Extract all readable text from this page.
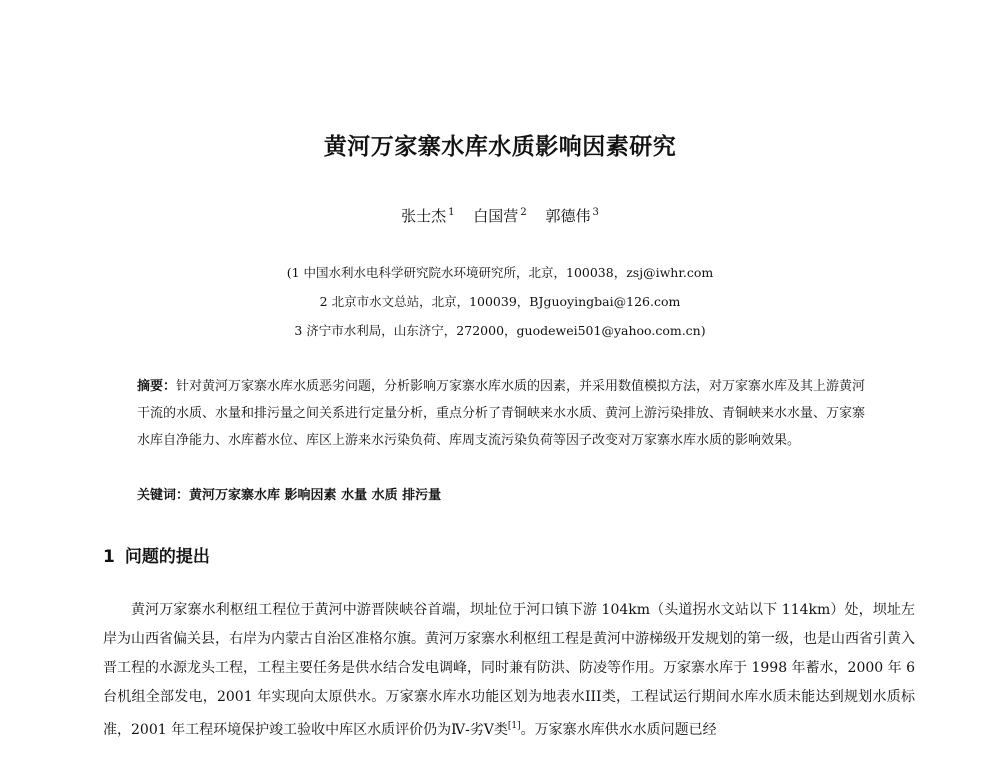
黄河万家寨水库水质影响因素研究
张士杰 $^1$ 白国营 $^2$ 郭德伟 $^3$
(1 中国水利水电科学研究院水环境研究所，北京，100038，zsj@iwhr.com
2 北京市水文总站，北京，100039，BJguoyingbai@126.com
3 济宁市水利局，山东济宁，272000，guodewei501@yahoo.com.cn)
摘要：针对黄河万家寨水库水质恶劣问题，分析影响万家寨水库水质的因素，并采用数值模拟方法，对万家寨水库及其上游黄河干流的水质、水量和排污量之间关系进行定量分析，重点分析了青铜峡来水水质、黄河上游污染排放、青铜峡来水水量、万家寨水库自净能力、水库蓄水位、库区上游来水污染负荷、库周支流污染负荷等因子改变对万家寨水库水质的影响效果。
关键词：黄河万家寨水库 影响因素 水量 水质 排污量
1 问题的提出
黄河万家寨水利枢纽工程位于黄河中游晋陕峡谷首端，坝址位于河口镇下游 104km（头道拐水文站以下 114km）处，坝址左岸为山西省偏关县，右岸为内蒙古自治区准格尔旗。黄河万家寨水利枢纽工程是黄河中游梯级开发规划的第一级，也是山西省引黄入晋工程的水源龙头工程，工程主要任务是供水结合发电调峰，同时兼有防洪、防凌等作用。万家寨水库于 1998 年蓄水，2000 年 6 台机组全部发电，2001 年实现向太原供水。万家寨水库水功能区划为地表水III类，工程试运行期间水库水质未能达到规划水质标准，2001 年工程环境保护竣工验收中库区水质评价仍为Ⅳ-劣Ⅴ类[1]。万家寨水库供水水质问题已经
